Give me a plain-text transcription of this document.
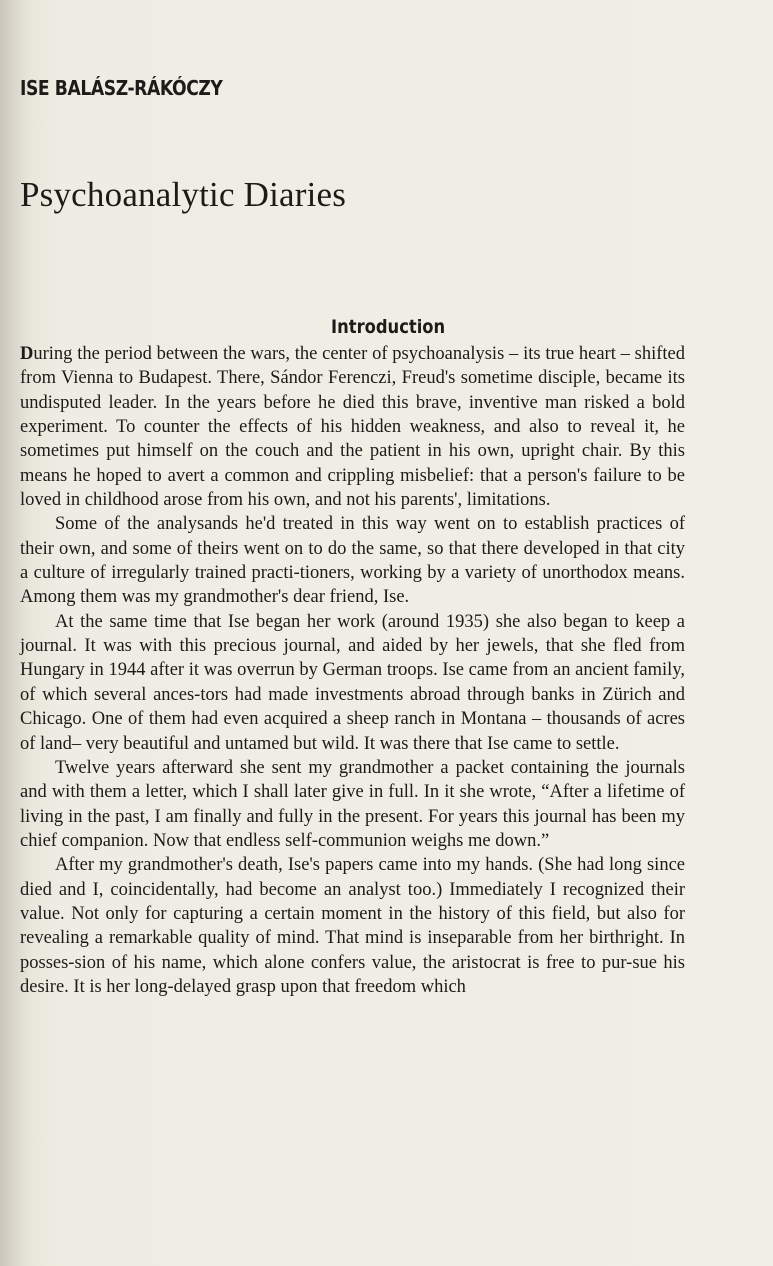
ISE BALÁSZ-RÁKÓCZY
Psychoanalytic Diaries
Introduction

During the period between the wars, the center of psychoanalysis – its true heart – shifted from Vienna to Budapest. There, Sándor Ferenczi, Freud's sometime disciple, became its undisputed leader. In the years before he died this brave, inventive man risked a bold experiment. To counter the effects of his hidden weakness, and also to reveal it, he sometimes put himself on the couch and the patient in his own, upright chair. By this means he hoped to avert a common and crippling misbelief: that a person's failure to be loved in childhood arose from his own, and not his parents', limitations.

Some of the analysands he'd treated in this way went on to establish practices of their own, and some of theirs went on to do the same, so that there developed in that city a culture of irregularly trained practi-tioners, working by a variety of unorthodox means. Among them was my grandmother's dear friend, Ise.

At the same time that Ise began her work (around 1935) she also began to keep a journal. It was with this precious journal, and aided by her jewels, that she fled from Hungary in 1944 after it was overrun by German troops. Ise came from an ancient family, of which several ances-tors had made investments abroad through banks in Zürich and Chicago. One of them had even acquired a sheep ranch in Montana – thousands of acres of land– very beautiful and untamed but wild. It was there that Ise came to settle.

Twelve years afterward she sent my grandmother a packet containing the journals and with them a letter, which I shall later give in full. In it she wrote, “After a lifetime of living in the past, I am finally and fully in the present. For years this journal has been my chief companion. Now that endless self-communion weighs me down.”

After my grandmother's death, Ise's papers came into my hands. (She had long since died and I, coincidentally, had become an analyst too.) Immediately I recognized their value. Not only for capturing a certain moment in the history of this field, but also for revealing a remarkable quality of mind. That mind is inseparable from her birthright. In posses-sion of his name, which alone confers value, the aristocrat is free to pur-sue his desire. It is her long-delayed grasp upon that freedom which
